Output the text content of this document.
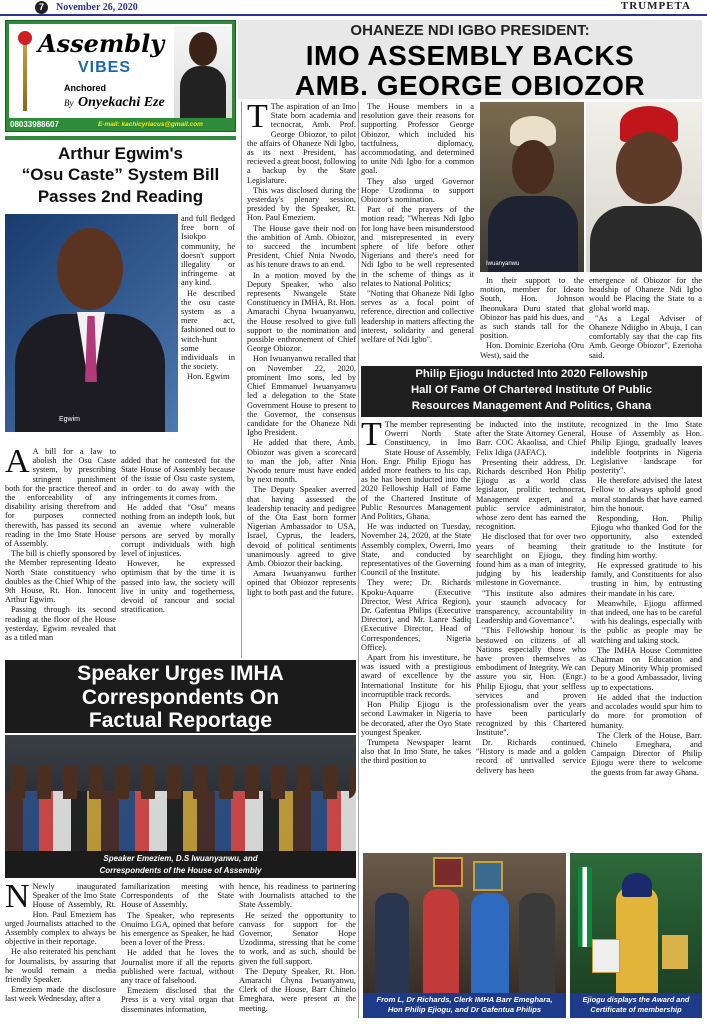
7	November 26, 2020	TRUMPETA
Assembly
VIBES
Anchored
By Onyekachi Eze
08033988607	E-mail: kachicyriacus@gmail.com
OHANEZE NDI IGBO PRESIDENT:
IMO ASSEMBLY BACKS
AMB. GEORGE OBIOZOR
Arthur Egwim's
“Osu Caste” System Bill
Passes 2nd Reading
Egwim

and full fledged free born of Isiokpo community, he doesn't support illegality or infringeme at any kind.

He described the osu caste system as a mere act, fashioned out to witch-hunt some individuals in the society.

Hon. Egwim

A A bill for a law to abolish the Osu Caste system, by prescribing stringent punishment both for the practice thereof and the enforceability of any disability arising therefrom and for purposes connected therewith, has passed its second reading in the Imo State House of Assembly.

The bill is chiefly sponsored by the Member representing Ideato North State constituency who doubles as the Chief Whip of the 9th House, Rt. Hon. Innocent Arthur Egwim.

Passing through its second reading at the floor of the House yesterday, Egwim revealed that as a titled man

added that he contested for the State House of Assembly because of the issue of Osu caste system, in order to do away with the infringements it comes from.

He added that "Osu" means nothing from an indepth look, but an avenue where vulnerable persons are served by morally corrupt individuals with high level of injustices.

However, he expressed optimism that by the time it is passed into law, the society will live in unity and togetherness, devoid of rancour and social stratification.

T The aspiration of an Imo State born academia and tecnocrat, Amb. Prof. George Obiozor, to pilot the affairs of Ohaneze Ndi Igbo, as its next President, has recieved a great boost, following a backup by the State Legislature.

This was disclosed during the yesterday's plenary session, presided by the Speaker, Rt. Hon. Paul Emeziem.

The House gave their nod on the ambition of Amb. Obiozor, to succeed the incumbent President, Chief Nnia Nwodo, as his tenure draws to an end.

In a motion moved by the Deputy Speaker, who also represents Nwangele State Constituency in IMHA, Rt. Hon. Amarachi Chyna Iwuanyanwu, the House resolved to give full support to the nomination and possible enthronement of Chief George Obiozor.

Hon Iwuanyanwu recalled that on November 22, 2020, prominent Imo sons, led by Chief Emmanuel Iwuanyanwu led a delegation to the State Government House to present to the Governor, the consensus candidate for the Ohaneze Ndi Igbo President.

He added that there, Amb. Obiozor was given a scorecard to man the job, after Nnia Nwodo tenure must have ended by next month.

The Deputy Speaker averred that having assessed the leadership tenacity and pedigree of the Ota East born former Nigerian Ambassador to USA, Israel, Cyprus, the leaders, devoid of political sentiments unanimously agreed to give Amb. Obiozor their backing.

Amara Iwuanyanwu further opined that Obiozor represents light to both past and the future.

The House members in a resolution gave their reasons for supporting Professor George Obiozor, which included his tactfulness, diplomacy, accommodating, and determined to unite Ndi Igbo for a common goal.

They also urged Governor Hope Uzodinma to support Obiozor's nomination.

Part of the prayers of the motion read; "Whereas Ndi Igbo for long have been misunderstood and misrepresented in every sphere of life before other Nigerians and there's need for Ndi Igbo to be well represented in the scheme of things as it relates to National Politics;

"Noting that Ohaneze Ndi Igbo serves as a focal point of reference, direction and collective leadership in matters affecting the interest, solidarity and general welfare of Ndi Igbo".

Iwuanyanwu

In their support to the motion, member for Ideato South, Hon. Johnson Iheonukara Duru stated that Obiozor has paid his dues, and as such stands tall for the position.

Hon. Dominic Ezerioha (Oru West), said the

emergence of Obiozor for the headship of Ohaneze Ndi Igbo would be Placing the State to a global world map.

"As a Legal Adviser of Ohaneze Ndiigbo in Abuja, I can comfortably say that the cap fits Amb. George Obiozor", Ezerioha said.

Philip Ejiogu Inducted Into 2020 Fellowship
Hall Of Fame Of Chartered Institute Of Public
Resources Management And Politics, Ghana

T The member representing Owerri North State Constituency, in Imo State House of Assembly, Hon. Engr. Philip Ejiogu has added more feathers to his cap, as he has been inducted into the 2020 Fellowship Hall of Fame of the Chartered Institute of Public Resources Management And Politics, Ghana.

He was inducted on Tuesday, November 24, 2020, at the State Assembly complex, Owerri, Imo State, and conducted by representatives of the Governing Council of the Institute.

They were; Dr. Richards Kpoku-Aquarre (Executive Director, West Africa Region), Dr. Gafentua Philips (Executive Director), and Mr. Lanre Sadiq (Executive Director, Head of Correspondences, Nigeria Office).

Apart from his investiture, he was issued with a prestigious award of excellence by the International Institute for his incorruptible track records.

Hon Philip Ejiogu is the second Lawmaker in Nigeria to be decorated, after the Oyo State youngest Speaker.

Trumpeta Newspaper learnt also that In Imo State, he takes the third position to

be inducted into the institute, after the State Attorney General, Barr. COC Akaolisa, and Chief Felix Idiga (JAFAC).

Presenting their address, Dr. Richards described Hon Philip Ejiogu as a world class legislator, prolific technocrat, Management expert, and a public service administrator, whose zero dent has earned the recognition.

He disclosed that for over two years of beaming their searchlight on Ejiogu, they found him as a man of integrity, judging by his leadership milestone in Governance.

"This institute also admires your staunch advocacy for transparency, accountability in Leadership and Governance".

"This Fellowship honour is bestowed on citizens of all Nations especially those who have proven themselves as embodiment of Integrity. We can assure you sir, Hon. (Engr.) Philip Ejiogu, that your selfless services and proven professionalism over the years have been particularly recognized by this Chartered Institute".

Dr. Richards continued, "History is made and a golden record of unrivalled service delivery has been

recognized in the Imo State House of Assembly as Hon. Philip Ejiogu, gradually leaves indelible footprints in Nigeria Legislative landscape for posterity".

He therefore advised the latest Fellow to always uphold good moral standards that have earned him the honour.

Responding, Hon. Philip Ejiogu who thanked God for the opportunity, also extended gratitude to the Institute for finding him worthy.

He expressed gratitude to his family, and Constituents for also trusting in him, by entrusting their mandate in his care.

Meanwhile, Ejiogu affirmed that indeed, one has to be careful with his dealings, especially with the public as people may be watching and taking stock.

The IMHA House Committee Chairman on Education and Deputy Minority Whip promised to be a good Ambassador, living up to expectations.

He added that the induction and accolades would spur him to do more for promotion of humanity.

The Clerk of the House, Barr. Chinelo Emeghara, and Campaign Director of Philip Ejiogu were there to welcome the guests from far away Ghana.

From L, Dr Richards, Clerk IMHA Barr Emeghara,
Hon Philip Ejiogu, and Dr Gafentua Philips
Ejiogu displays the Award and
Certificate of membership
Speaker Urges IMHA
Correspondents On
Factual Reportage
Speaker Emeziem, D.S Iwuanyanwu, and
Correspondents of the House of Assembly

N Newly inaugurated Speaker of the Imo State House of Assembly, Rt. Hon. Paul Emeziem has urged Journalists attached to the Assembly complex to always be objective in their reportage.

He also reiterated his penchant for Journalists, by assuring that he would remain a media friendly Speaker.

Emeziem made the disclosure last week Wednesday, after a

familiarization meeting with Correspondents of the State House of Assembly.

The Speaker, who represents Onuimo LGA, opined that before his emergence as Speaker, he had been a lover of the Press.

He added that he loves the Journalist more if all the reports published were factual, without any trace of falsehood.

Emeziem disclosed that the Press is a very vital organ that disseminates information,

hence, his readiness to partnering with Journalists attached to the State Assembly.

He seized the opportunity to canvass for support for the Governor, Senator Hope Uzodinma, stressing that he come to work, and as such, should be given the full support.

The Deputy Speaker, Rt. Hon. Amarachi Chyna Iwuanyanwu, Clerk of the House, Barr Chinelo Emeghara, were present at the meeting.
